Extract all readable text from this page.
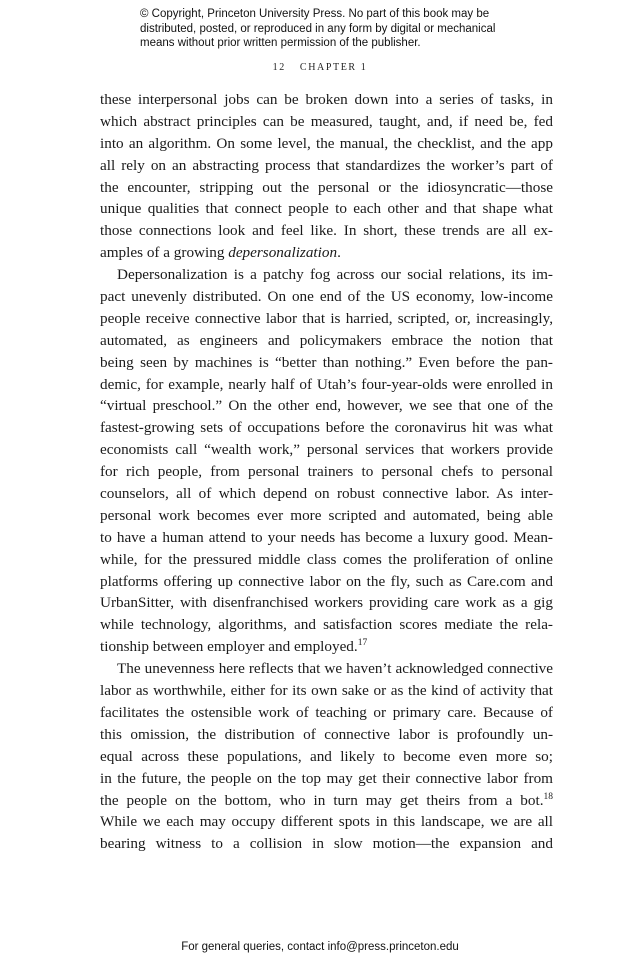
© Copyright, Princeton University Press. No part of this book may be
distributed, posted, or reproduced in any form by digital or mechanical
means without prior written permission of the publisher.
12 CHAPTER 1
these interpersonal jobs can be broken down into a series of tasks, in
which abstract principles can be measured, taught, and, if need be, fed
into an algorithm. On some level, the manual, the checklist, and the app
all rely on an abstracting process that standardizes the worker’s part of
the encounter, stripping out the personal or the idiosyncratic—those
unique qualities that connect people to each other and that shape what
those connections look and feel like. In short, these trends are all ex-
amples of a growing depersonalization.
Depersonalization is a patchy fog across our social relations, its im-
pact unevenly distributed. On one end of the US economy, low-income
people receive connective labor that is harried, scripted, or, increasingly,
automated, as engineers and policymakers embrace the notion that
being seen by machines is “better than nothing.” Even before the pan-
demic, for example, nearly half of Utah’s four-year-olds were enrolled in
“virtual preschool.” On the other end, however, we see that one of the
fastest-growing sets of occupations before the coronavirus hit was what
economists call “wealth work,” personal services that workers provide
for rich people, from personal trainers to personal chefs to personal
counselors, all of which depend on robust connective labor. As inter-
personal work becomes ever more scripted and automated, being able
to have a human attend to your needs has become a luxury good. Mean-
while, for the pressured middle class comes the proliferation of online
platforms offering up connective labor on the fly, such as Care.com and
UrbanSitter, with disenfranchised workers providing care work as a gig
while technology, algorithms, and satisfaction scores mediate the rela-
tionship between employer and employed.$^{17}$
The unevenness here reflects that we haven’t acknowledged connective
labor as worthwhile, either for its own sake or as the kind of activity that
facilitates the ostensible work of teaching or primary care. Because of
this omission, the distribution of connective labor is profoundly un-
equal across these populations, and likely to become even more so;
in the future, the people on the top may get their connective labor from
the people on the bottom, who in turn may get theirs from a bot.$^{18}$
While we each may occupy different spots in this landscape, we are all
bearing witness to a collision in slow motion—the expansion and
For general queries, contact info@press.princeton.edu
